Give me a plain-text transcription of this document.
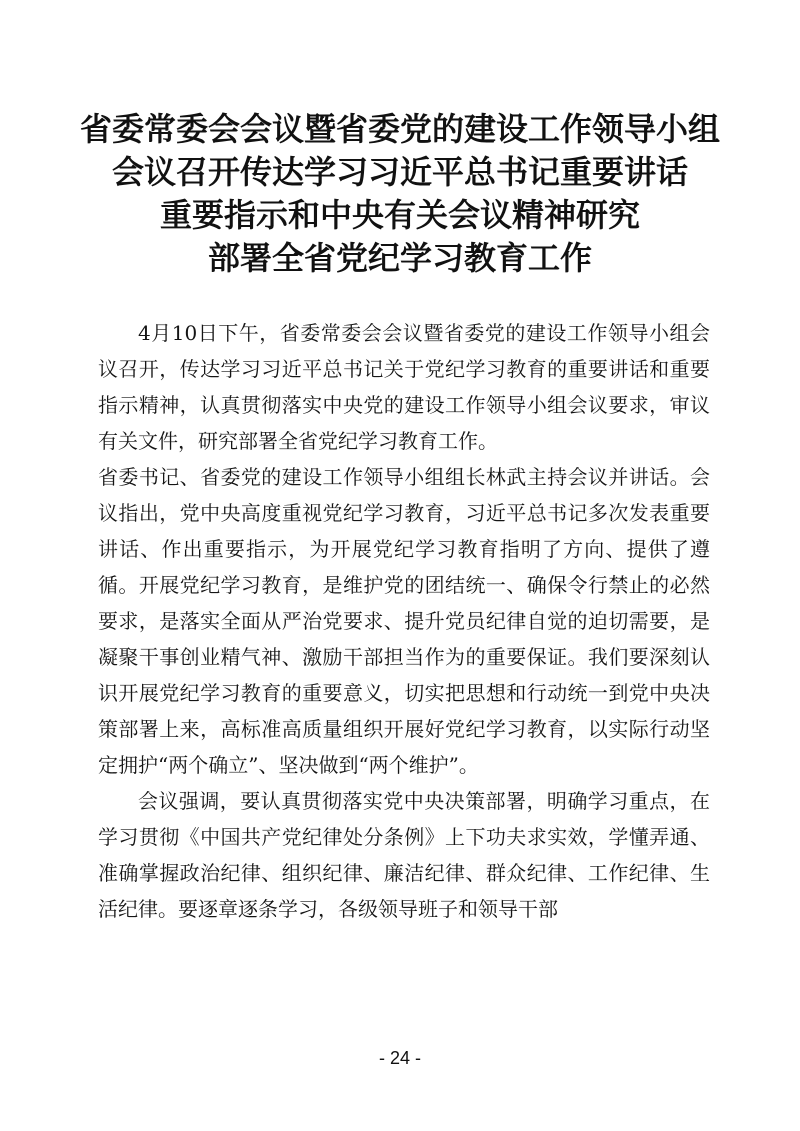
省委常委会会议暨省委党的建设工作领导小组
会议召开传达学习习近平总书记重要讲话
重要指示和中央有关会议精神研究
部署全省党纪学习教育工作

4月10日下午，省委常委会会议暨省委党的建设工作领导小组会议召开，传达学习习近平总书记关于党纪学习教育的重要讲话和重要指示精神，认真贯彻落实中央党的建设工作领导小组会议要求，审议有关文件，研究部署全省党纪学习教育工作。

省委书记、省委党的建设工作领导小组组长林武主持会议并讲话。会议指出，党中央高度重视党纪学习教育，习近平总书记多次发表重要讲话、作出重要指示，为开展党纪学习教育指明了方向、提供了遵循。开展党纪学习教育，是维护党的团结统一、确保令行禁止的必然要求，是落实全面从严治党要求、提升党员纪律自觉的迫切需要，是凝聚干事创业精气神、激励干部担当作为的重要保证。我们要深刻认识开展党纪学习教育的重要意义，切实把思想和行动统一到党中央决策部署上来，高标准高质量组织开展好党纪学习教育，以实际行动坚定拥护“两个确立”、坚决做到“两个维护”。

会议强调，要认真贯彻落实党中央决策部署，明确学习重点，在学习贯彻《中国共产党纪律处分条例》上下功夫求实效，学懂弄通、准确掌握政治纪律、组织纪律、廉洁纪律、群众纪律、工作纪律、生活纪律。要逐章逐条学习，各级领导班子和领导干部

- 24 -
